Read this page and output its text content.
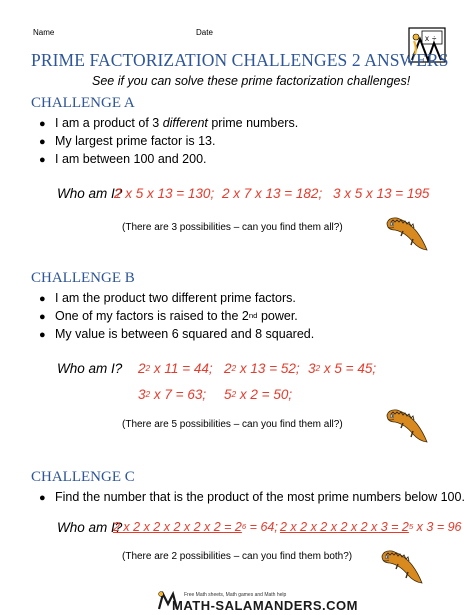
Name	Date
x ÷
PRIME FACTORIZATION CHALLENGES 2 ANSWERS
See if you can solve these prime factorization challenges!
CHALLENGE A
● I am a product of 3 different prime numbers.
● My largest prime factor is 13.
● I am between 100 and 200.
Who am I?
2 x 5 x 13 = 130; 2 x 7 x 13 = 182; 3 x 5 x 13 = 195
(There are 3 possibilities – can you find them all?)
CHALLENGE B
● I am the product two different prime factors.
● One of my factors is raised to the 2nd power.
● My value is between 6 squared and 8 squared.
Who am I? $2^2$ x 11 = 44; $2^2$ x 13 = 52; $3^2$ x 5 = 45;
$3^2$ x 7 = 63; $5^2$ x 2 = 50;
(There are 5 possibilities – can you find them all?)
CHALLENGE C
● Find the number that is the product of the most prime numbers below 100.
Who am I?
2 x 2 x 2 x 2 x 2 x $2 = 2^6 = 64$; 2 x 2 x 2 x 2 x 2 x $3 = 2^5$ x 3 = 96
(There are 2 possibilities – can you find them both?)
Free Math sheets, Math games and Math help
MATH-SALAMANDERS.COM
